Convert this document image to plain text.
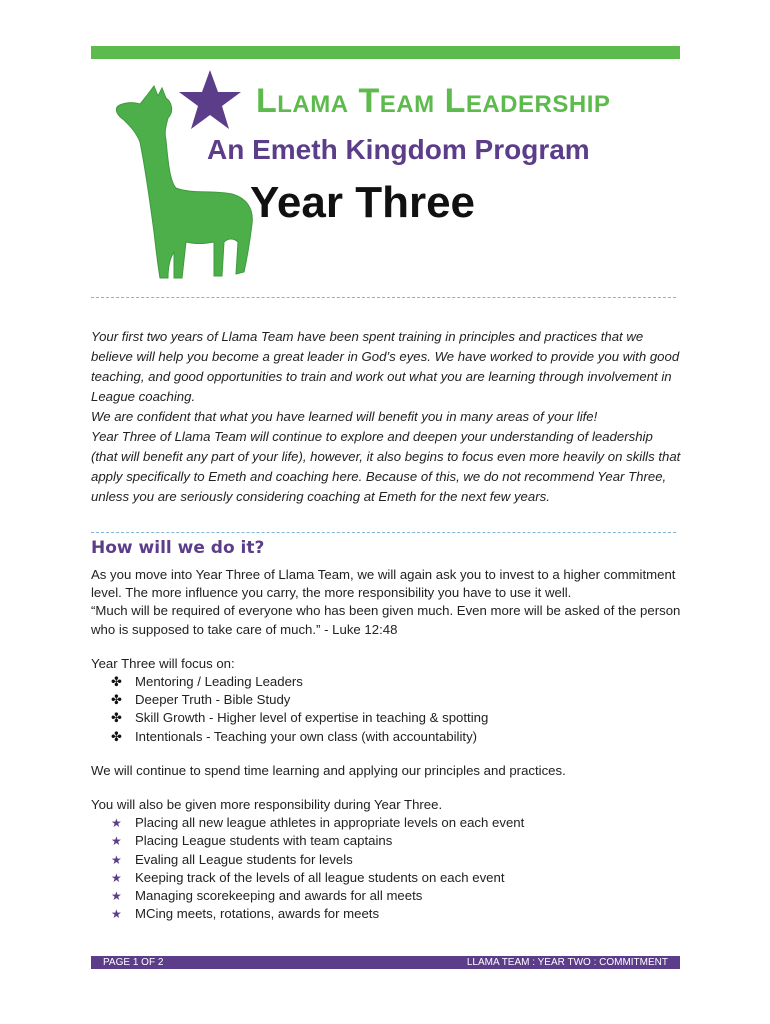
Llama Team Leadership
An Emeth Kingdom Program
Year Three

Your first two years of Llama Team have been spent training in principles and practices that we believe will help you become a great leader in God’s eyes. We have worked to provide you with good teaching, and good opportunities to train and work out what you are learning through involvement in League coaching.

We are confident that what you have learned will benefit you in many areas of your life!

Year Three of Llama Team will continue to explore and deepen your understanding of leadership (that will benefit any part of your life), however, it also begins to focus even more heavily on skills that apply specifically to Emeth and coaching here. Because of this, we do not recommend Year Three, unless you are seriously considering coaching at Emeth for the next few years.

How will we do it?

As you move into Year Three of Llama Team, we will again ask you to invest to a higher commitment level. The more influence you carry, the more responsibility you have to use it well.

“Much will be required of everyone who has been given much. Even more will be asked of the person who is supposed to take care of much.” - Luke 12:48

Year Three will focus on:

✤ Mentoring / Leading Leaders
✤ Deeper Truth - Bible Study
✤ Skill Growth - Higher level of expertise in teaching & spotting
✤ Intentionals - Teaching your own class (with accountability)

We will continue to spend time learning and applying our principles and practices.

You will also be given more responsibility during Year Three.

★	Placing all new league athletes in appropriate levels on each event
★	Placing League students with team captains
★	Evaling all League students for levels
★	Keeping track of the levels of all league students on each event
★	Managing scorekeeping and awards for all meets
★	MCing meets, rotations, awards for meets
PAGE 1 OF 2	LLAMA TEAM : YEAR TWO : COMMITMENT
